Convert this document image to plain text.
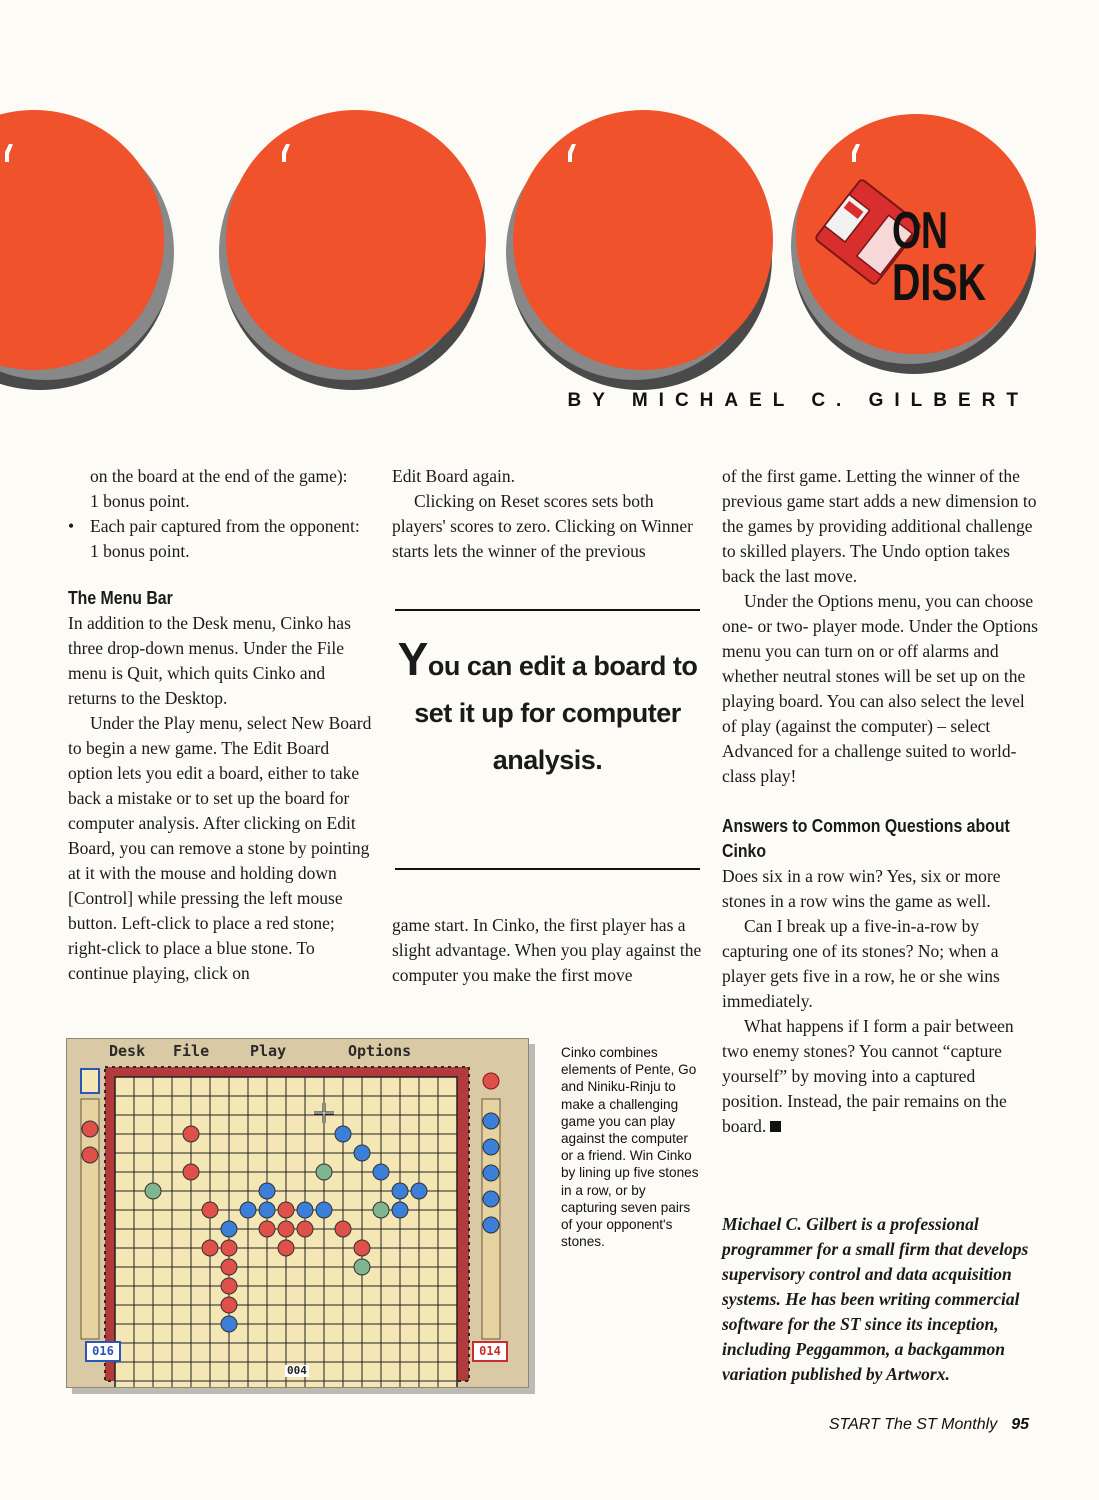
ON
DISK
BY MICHAEL C. GILBERT

on the board at the end of the game):

1 bonus point.

• Each pair captured from the opponent:

1 bonus point.

The Menu Bar

In addition to the Desk menu, Cinko has three drop-down menus. Under the File menu is Quit, which quits Cinko and returns to the Desktop.

Under the Play menu, select New Board to begin a new game. The Edit Board option lets you edit a board, either to take back a mistake or to set up the board for computer analysis. After clicking on Edit Board, you can remove a stone by pointing at it with the mouse and holding down [Control] while pressing the left mouse button. Left-click to place a red stone; right-click to place a blue stone. To continue playing, click on

Edit Board again.

Clicking on Reset scores sets both players' scores to zero. Clicking on Winner starts lets the winner of the previous

You can edit a board to set it up for computer analysis.

game start. In Cinko, the first player has a slight advantage. When you play against the computer you make the first move

of the first game. Letting the winner of the previous game start adds a new dimension to the games by providing additional challenge to skilled players. The Undo option takes back the last move.

Under the Options menu, you can choose one- or two- player mode. Under the Options menu you can turn on or off alarms and whether neutral stones will be set up on the playing board. You can also select the level of play (against the computer) – select Advanced for a challenge suited to world-class play!

Answers to Common Questions about
Cinko

Does six in a row win? Yes, six or more stones in a row wins the game as well.

Can I break up a five-in-a-row by capturing one of its stones? No; when a player gets five in a row, he or she wins immediately.

What happens if I form a pair between two enemy stones? You cannot “capture yourself” by moving into a captured position. Instead, the pair remains on the board.

Desk File	Play	Options
016	014
004
Cinko combines elements of Pente, Go and Niniku-Rinju to make a challenging game you can play against the computer or a friend. Win Cinko by lining up five stones in a row, or by capturing seven pairs of your opponent's stones.
Michael C. Gilbert is a professional programmer for a small firm that develops supervisory control and data acquisition systems. He has been writing commercial software for the ST since its inception, including Peggammon, a backgammon variation published by Artworx.
START The ST Monthly 95
